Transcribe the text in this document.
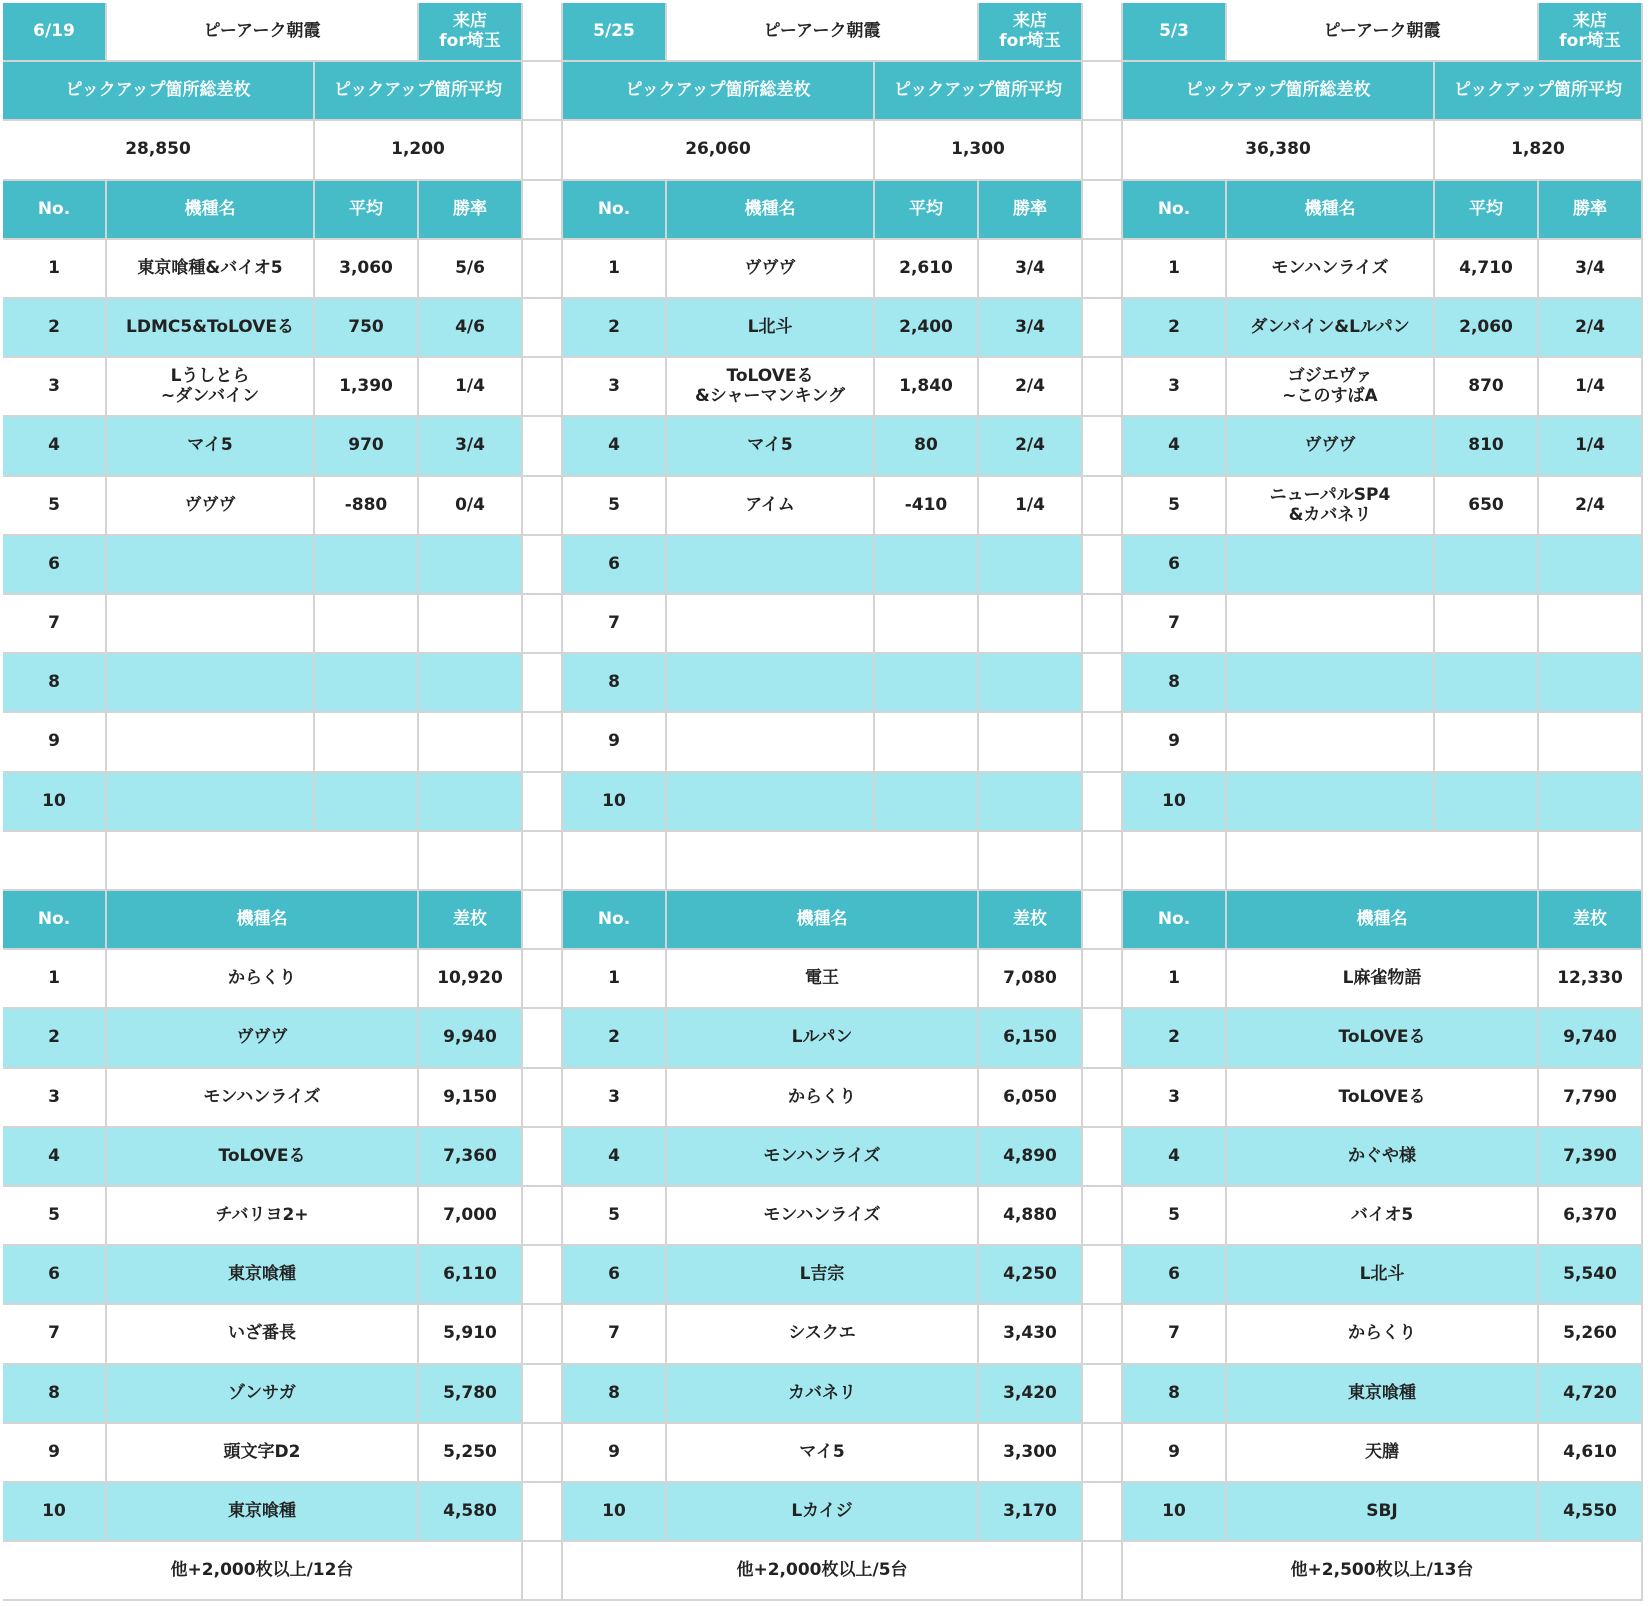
6/19	ピーアーク朝霞	来店
for埼玉
ピックアップ箇所総差枚	ピックアップ箇所平均
28,850	1,200
No.	機種名	平均	勝率
1	東京喰種&バイオ5	3,060	5/6
2	LDMC5&ToLOVEる	750	4/6
3	Lうしとら
~ダンバイン	1,390	1/4
4	マイ5	970	3/4
5	ヴヴヴ	-880	0/4
6
7
8
9
10
No.	機種名	差枚
1	からくり	10,920
2	ヴヴヴ	9,940
3	モンハンライズ	9,150
4	ToLOVEる	7,360
5	チバリヨ2+	7,000
6	東京喰種	6,110
7	いざ番長	5,910
8	ゾンサガ	5,780
9	頭文字D2	5,250
10	東京喰種	4,580
他+2,000枚以上/12台
5/25	ピーアーク朝霞	来店
for埼玉
ピックアップ箇所総差枚	ピックアップ箇所平均
26,060	1,300
No.	機種名	平均	勝率
1	ヴヴヴ	2,610	3/4
2	L北斗	2,400	3/4
3	ToLOVEる
&シャーマンキング	1,840	2/4
4	マイ5	80	2/4
5	アイム	-410	1/4
6
7
8
9
10
No.	機種名	差枚
1	電王	7,080
2	Lルパン	6,150
3	からくり	6,050
4	モンハンライズ	4,890
5	モンハンライズ	4,880
6	L吉宗	4,250
7	シスクエ	3,430
8	カバネリ	3,420
9	マイ5	3,300
10	Lカイジ	3,170
他+2,000枚以上/5台
5/3	ピーアーク朝霞	来店
for埼玉
ピックアップ箇所総差枚	ピックアップ箇所平均
36,380	1,820
No.	機種名	平均	勝率
1	モンハンライズ	4,710	3/4
2	ダンバイン&Lルパン	2,060	2/4
3	ゴジエヴァ
~このすばA	870	1/4
4	ヴヴヴ	810	1/4
5	ニューパルSP4
&カバネリ	650	2/4
6
7
8
9
10
No.	機種名	差枚
1	L麻雀物語	12,330
2	ToLOVEる	9,740
3	ToLOVEる	7,790
4	かぐや様	7,390
5	バイオ5	6,370
6	L北斗	5,540
7	からくり	5,260
8	東京喰種	4,720
9	天膳	4,610
10	SBJ	4,550
他+2,500枚以上/13台
